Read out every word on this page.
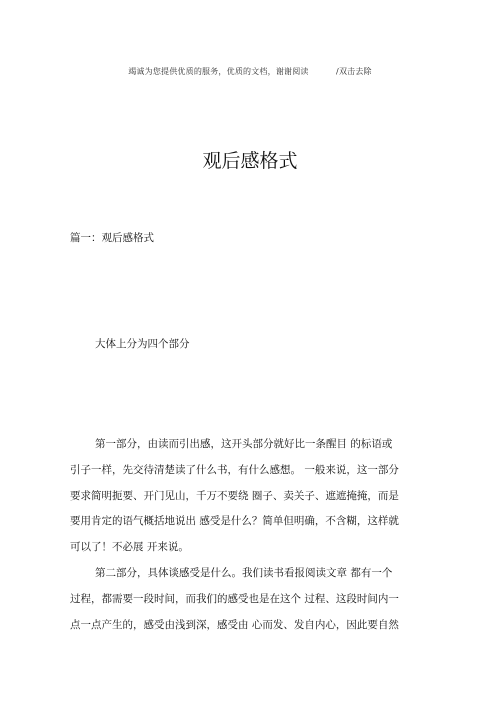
竭诚为您提供优质的服务，优质的文档，谢谢阅读          /双击去除
观后感格式
篇一：观后感格式
大体上分为四个部分

第一部分，由读而引出感，这开头部分就好比一条醒目 的标语或
引子一样，先交待清楚读了什么书，有什么感想。 一般来说，这一部分
要求简明扼要、开门见山，千万不要绕 圈子、卖关子、遮遮掩掩，而是
要用肯定的语气概括地说出 感受是什么？简单但明确，不含糊，这样就
可以了！不必展 开来说。

第二部分，具体谈感受是什么。我们读书看报阅读文章 都有一个
过程，都需要一段时间，而我们的感受也是在这个 过程、这段时间内一
点一点产生的，感受由浅到深，感受由 心而发、发自内心，因此要自然
